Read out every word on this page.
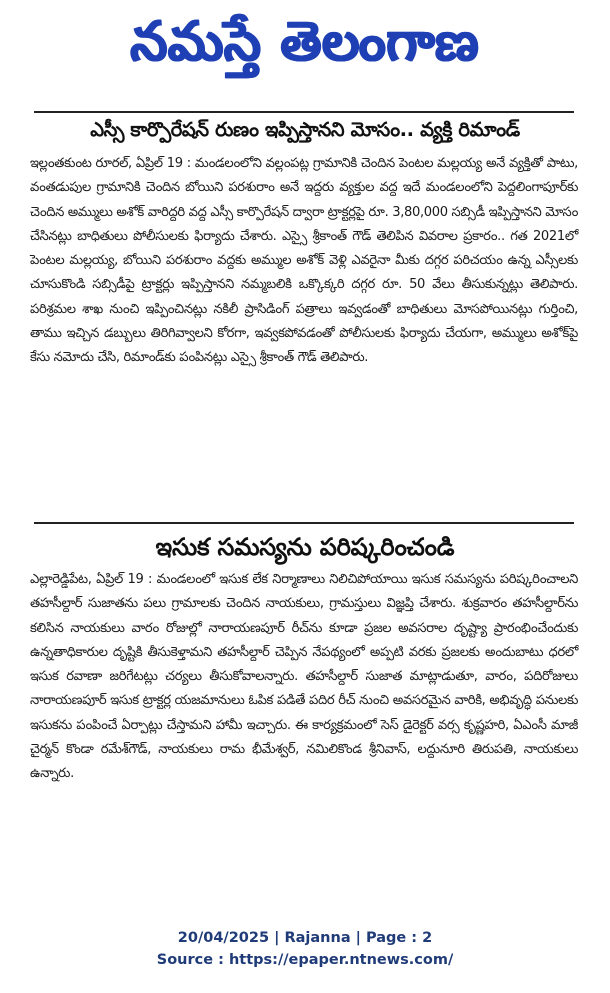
నమస్తే తెలంగాణ
ఎస్సీ కార్పొరేషన్ రుణం ఇప్పిస్తానని మోసం.. వ్యక్తి రిమాండ్

ఇల్లంతకుంట రూరల్, ఏప్రిల్ 19 : మండలంలోని వల్లంపట్ల గ్రామానికి చెందిన పెంటల మల్లయ్య అనే వ్యక్తితో పాటు, వంతడుపుల గ్రామానికి చెందిన బోయిని పరశురాం అనే ఇద్దరు వ్యక్తుల వద్ద ఇదే మండలంలోని పెద్దలింగాపూర్‌కు చెందిన అమ్ములు అశోక్ వారిద్దరి వద్ద ఎస్సీ కార్పొరేషన్ ద్వారా ట్రాక్టర్లపై రూ. 3,80,000 సబ్సిడీ ఇప్పిస్తానని మోసం చేసినట్లు బాధితులు పోలీసులకు ఫిర్యాదు చేశారు. ఎస్సై శ్రీకాంత్ గౌడ్ తెలిపిన వివరాల ప్రకారం.. గత 2021లో పెంటల మల్లయ్య, బోయిని పరశురాం వద్దకు అమ్ముల అశోక్ వెళ్లి ఎవరైనా మీకు దగ్గర పరిచయం ఉన్న ఎస్సీలకు చూసుకొండి సబ్సిడీపై ట్రాక్టర్లు ఇప్పిస్తానని నమ్మబలికి ఒక్కొక్కరి దగ్గర రూ. 50 వేలు తీసుకున్నట్లు తెలిపారు. పరిశ్రమల శాఖ నుంచి ఇప్పించినట్లు నకిలీ ప్రాసిడింగ్ పత్రాలు ఇవ్వడంతో బాధితులు మోసపోయినట్లు గుర్తించి, తాము ఇచ్చిన డబ్బులు తిరిగివ్వాలని కోరగా, ఇవ్వకపోవడంతో పోలీసులకు ఫిర్యాదు చేయగా, అమ్ములు అశోక్‌పై కేసు నమోదు చేసి, రిమాండ్‌కు పంపినట్లు ఎస్సై శ్రీకాంత్ గౌడ్ తెలిపారు.

ఇసుక సమస్యను పరిష్కరించండి

ఎల్లారెడ్డిపేట, ఏప్రిల్ 19 : మండలంలో ఇసుక లేక నిర్మాణాలు నిలిచిపోయాయి ఇసుక సమస్యను పరిష్కరించాలని తహసీల్దార్ సుజాతను పలు గ్రామాలకు చెందిన నాయకులు, గ్రామస్తులు విజ్ఞప్తి చేశారు. శుక్రవారం తహసీల్దార్‌ను కలిసిన నాయకులు వారం రోజుల్లో నారాయణపూర్ రీచ్‌ను కూడా ప్రజల అవసరాల దృష్ట్యా ప్రారంభించేందుకు ఉన్నతాధికారుల దృష్టికి తీసుకెళ్తామని తహసీల్దార్ చెప్పిన నేపథ్యంలో అప్పటి వరకు ప్రజలకు అందుబాటు ధరలో ఇసుక రవాణా జరిగేటట్లు చర్యలు తీసుకోవాలన్నారు. తహసీల్దార్ సుజాత మాట్లాడుతూ, వారం, పదిరోజులు నారాయణపూర్ ఇసుక ట్రాక్టర్ల యజమానులు ఓపిక పడితే పదిర రీచ్ నుంచి అవసరమైన వారికి, అభివృద్ధి పనులకు ఇసుకను పంపించే ఏర్పాట్లు చేస్తామని హామీ ఇచ్చారు. ఈ కార్యక్రమంలో సెస్ డైరెక్టర్ వర్స కృష్ణహరి, ఏఎంసీ మాజీ చైర్మన్ కొండా రమేశ్‌గౌడ్, నాయకులు రామ భీమేశ్వర్, నమిలికొండ శ్రీనివాస్, లద్దునూరి తిరుపతి, నాయకులు ఉన్నారు.

20/04/2025 | Rajanna | Page : 2
Source : https://epaper.ntnews.com/
